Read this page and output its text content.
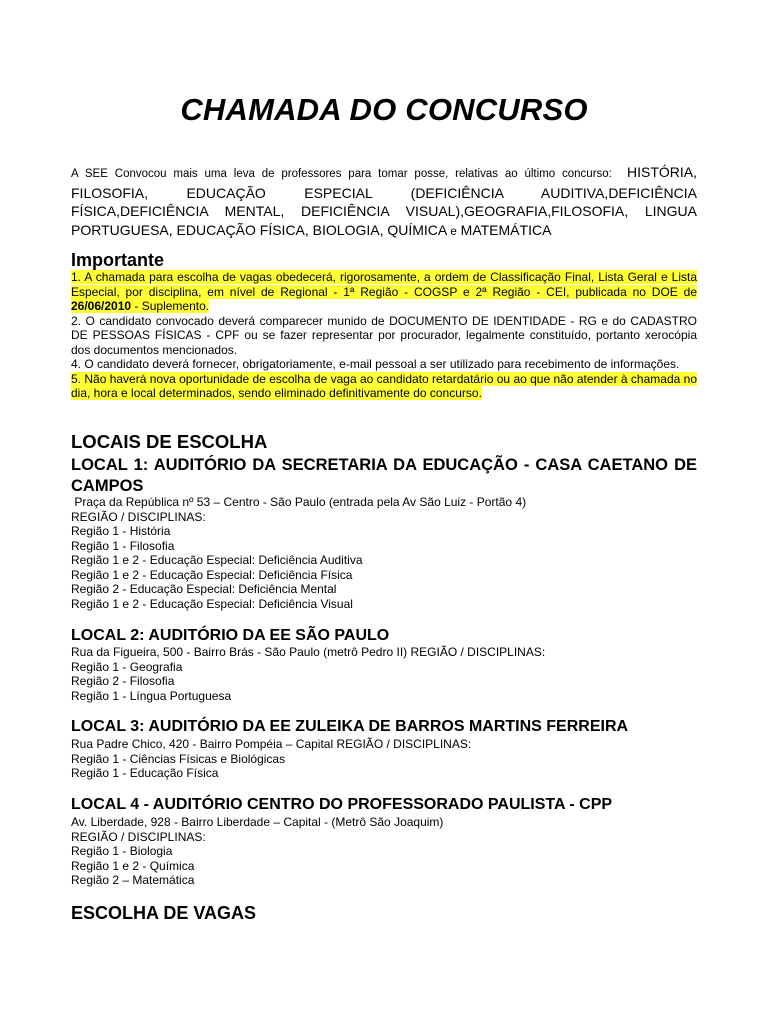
CHAMADA DO CONCURSO

A SEE Convocou mais uma leva de professores para tomar posse, relativas ao último concurso: HISTÓRIA, FILOSOFIA, EDUCAÇÃO ESPECIAL (DEFICIÊNCIA AUDITIVA,DEFICIÊNCIA FÍSICA,DEFICIÊNCIA MENTAL, DEFICIÊNCIA VISUAL),GEOGRAFIA,FILOSOFIA, LINGUA PORTUGUESA, EDUCAÇÃO FÍSICA, BIOLOGIA, QUÍMICA e MATEMÁTICA

Importante

1. A chamada para escolha de vagas obedecerá, rigorosamente, a ordem de Classificação Final, Lista Geral e Lista Especial, por disciplina, em nível de Regional - 1ª Região - COGSP e 2ª Região - CEI, publicada no DOE de 26/06/2010 - Suplemento.

2. O candidato convocado deverá comparecer munido de DOCUMENTO DE IDENTIDADE - RG e do CADASTRO DE PESSOAS FÍSICAS - CPF ou se fazer representar por procurador, legalmente constituído, portanto xerocópia dos documentos mencionados.

4. O candidato deverá fornecer, obrigatoriamente, e-mail pessoal a ser utilizado para recebimento de informações.

5. Não haverá nova oportunidade de escolha de vaga ao candidato retardatário ou ao que não atender à chamada no dia, hora e local determinados, sendo eliminado definitivamente do concurso.

LOCAIS DE ESCOLHA
LOCAL 1: AUDITÓRIO DA SECRETARIA DA EDUCAÇÃO - CASA CAETANO DE CAMPOS
Praça da República nº 53 – Centro - São Paulo (entrada pela Av São Luiz - Portão 4)
REGIÃO / DISCIPLINAS:
Região 1 - História
Região 1 - Filosofia
Região 1 e 2 - Educação Especial: Deficiência Auditiva
Região 1 e 2 - Educação Especial: Deficiência Física
Região 2 - Educação Especial: Deficiência Mental
Região 1 e 2 - Educação Especial: Deficiência Visual
LOCAL 2: AUDITÓRIO DA EE SÃO PAULO
Rua da Figueira, 500 - Bairro Brás - São Paulo (metrô Pedro II) REGIÃO / DISCIPLINAS:
Região 1 - Geografia
Região 2 - Filosofia
Região 1 - Língua Portuguesa
LOCAL 3: AUDITÓRIO DA EE ZULEIKA DE BARROS MARTINS FERREIRA
Rua Padre Chico, 420 - Bairro Pompéia – Capital REGIÃO / DISCIPLINAS:
Região 1 - Ciências Físicas e Biológicas
Região 1 - Educação Física
LOCAL 4 - AUDITÓRIO CENTRO DO PROFESSORADO PAULISTA - CPP
Av. Liberdade, 928 - Bairro Liberdade – Capital - (Metrô São Joaquim)
REGIÃO / DISCIPLINAS:
Região 1 - Biologia
Região 1 e 2 - Química
Região 2 – Matemática
ESCOLHA DE VAGAS
